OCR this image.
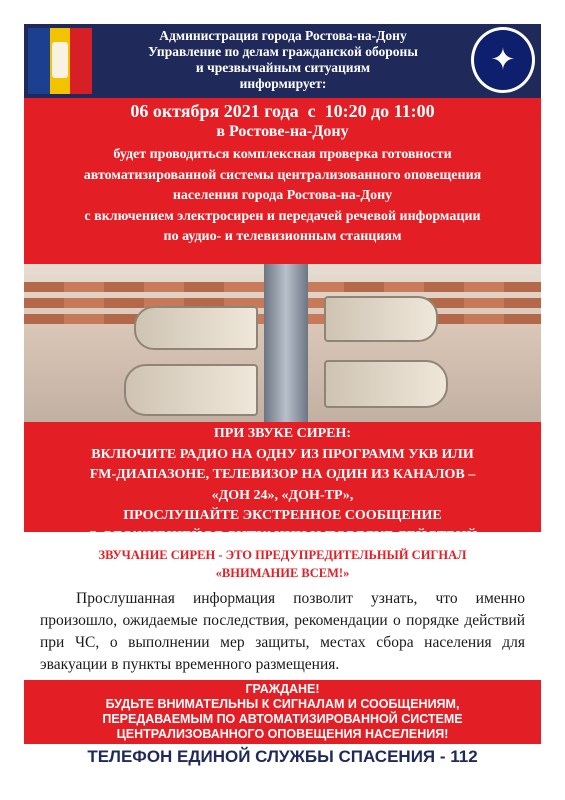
Администрация города Ростова-на-Дону
Управление по делам гражданской обороны
и чрезвычайным ситуациям
информирует:
✦
06 октября 2021 года  с  10:20 до 11:00
в Ростове-на-Дону
будет проводиться комплексная проверка готовности
автоматизированной системы централизованного оповещения
населения города Ростова-на-Дону
с включением электросирен и передачей речевой информации
по аудио- и телевизионным станциям
ПРИ ЗВУКЕ СИРЕН:
ВКЛЮЧИТЕ РАДИО НА ОДНУ ИЗ ПРОГРАММ УКВ ИЛИ
FM-ДИАПАЗОНЕ, ТЕЛЕВИЗОР НА ОДИН ИЗ КАНАЛОВ –
«ДОН 24», «ДОН-ТР»,
ПРОСЛУШАЙТЕ ЭКСТРЕННОЕ СООБЩЕНИЕ
ЗВУЧАНИЕ СИРЕН - ЭТО ПРЕДУПРЕДИТЕЛЬНЫЙ СИГНАЛ
«ВНИМАНИЕ ВСЕМ!»
Прослушанная информация позволит узнать, что именно произошло, ожидаемые последствия, рекомендации о порядке действий при ЧС, о выполнении мер защиты, местах сбора населения для эвакуации в пункты временного размещения.
ГРАЖДАНЕ!
БУДЬТЕ ВНИМАТЕЛЬНЫ К СИГНАЛАМ И СООБЩЕНИЯМ,
ПЕРЕДАВАЕМЫМ ПО АВТОМАТИЗИРОВАННОЙ СИСТЕМЕ
ЦЕНТРАЛИЗОВАННОГО ОПОВЕЩЕНИЯ НАСЕЛЕНИЯ!
ТЕЛЕФОН ЕДИНОЙ СЛУЖБЫ СПАСЕНИЯ - 112
